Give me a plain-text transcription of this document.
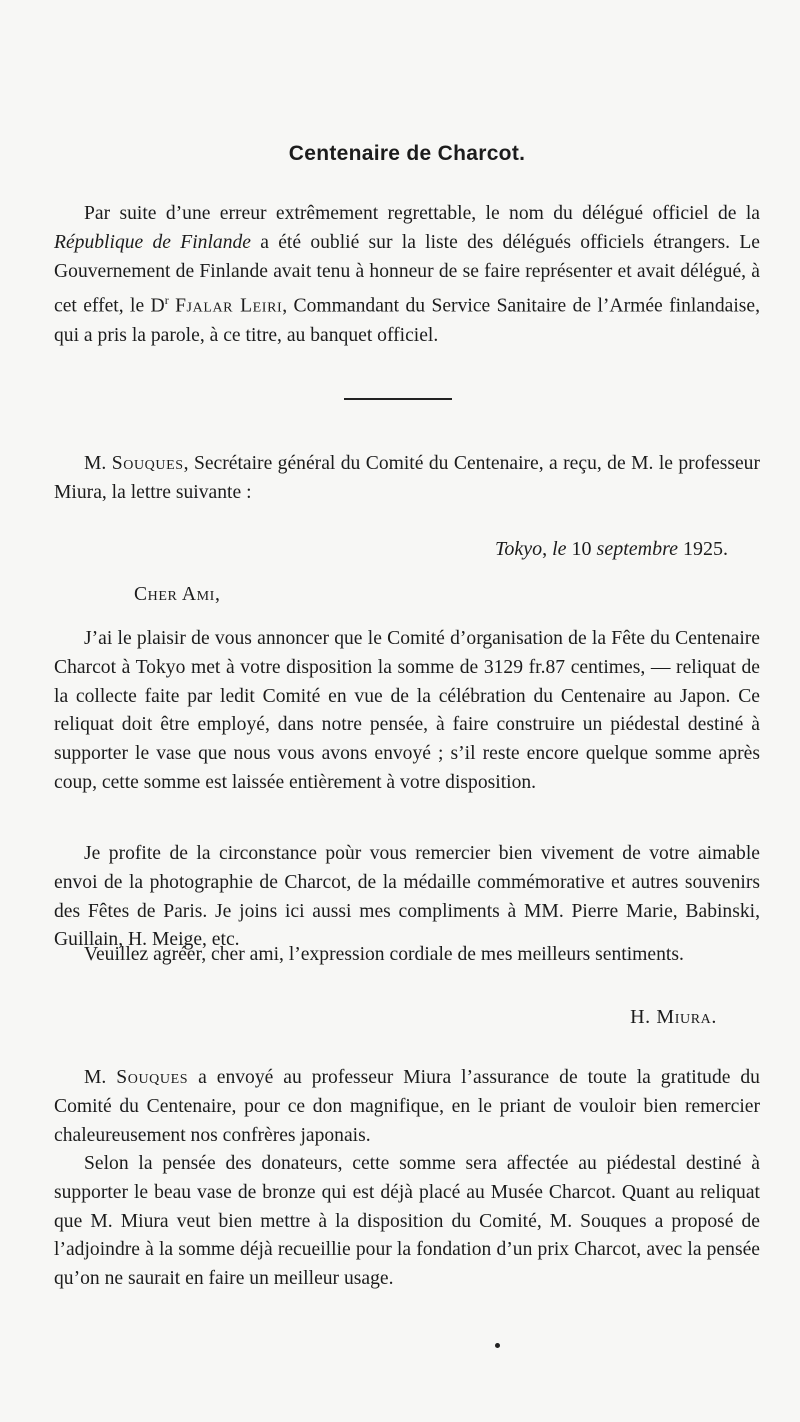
Centenaire de Charcot.

Par suite d’une erreur extrêmement regrettable, le nom du délégué officiel de la République de Finlande a été oublié sur la liste des délégués officiels étrangers. Le Gouvernement de Finlande avait tenu à honneur de se faire représenter et avait délégué, à cet effet, le $D^r$ Fjalar Leiri, Commandant du Service Sanitaire de l’Armée finlandaise, qui a pris la parole, à ce titre, au banquet officiel.

M. Souques, Secrétaire général du Comité du Centenaire, a reçu, de M. le professeur Miura, la lettre suivante :

Tokyo, le 10 septembre 1925.
Cher Ami,

J’ai le plaisir de vous annoncer que le Comité d’organisation de la Fête du Centenaire Charcot à Tokyo met à votre disposition la somme de 3129 fr.87 centimes, — reliquat de la collecte faite par ledit Comité en vue de la célébration du Centenaire au Japon. Ce reliquat doit être employé, dans notre pensée, à faire construire un piédestal destiné à supporter le vase que nous vous avons envoyé ; s’il reste encore quelque somme après coup, cette somme est laissée entièrement à votre disposition.

Je profite de la circonstance poùr vous remercier bien vivement de votre aimable envoi de la photographie de Charcot, de la médaille commémorative et autres souvenirs des Fêtes de Paris. Je joins ici aussi mes compliments à MM. Pierre Marie, Babinski, Guillain, H. Meige, etc.

Veuillez agréer, cher ami, l’expression cordiale de mes meilleurs sentiments.

H. Miura.

M. Souques a envoyé au professeur Miura l’assurance de toute la gratitude du Comité du Centenaire, pour ce don magnifique, en le priant de vouloir bien remercier chaleureusement nos confrères japonais.

Selon la pensée des donateurs, cette somme sera affectée au piédestal destiné à supporter le beau vase de bronze qui est déjà placé au Musée Charcot. Quant au reliquat que M. Miura veut bien mettre à la disposition du Comité, M. Souques a proposé de l’adjoindre à la somme déjà recueillie pour la fondation d’un prix Charcot, avec la pensée qu’on ne saurait en faire un meilleur usage.
